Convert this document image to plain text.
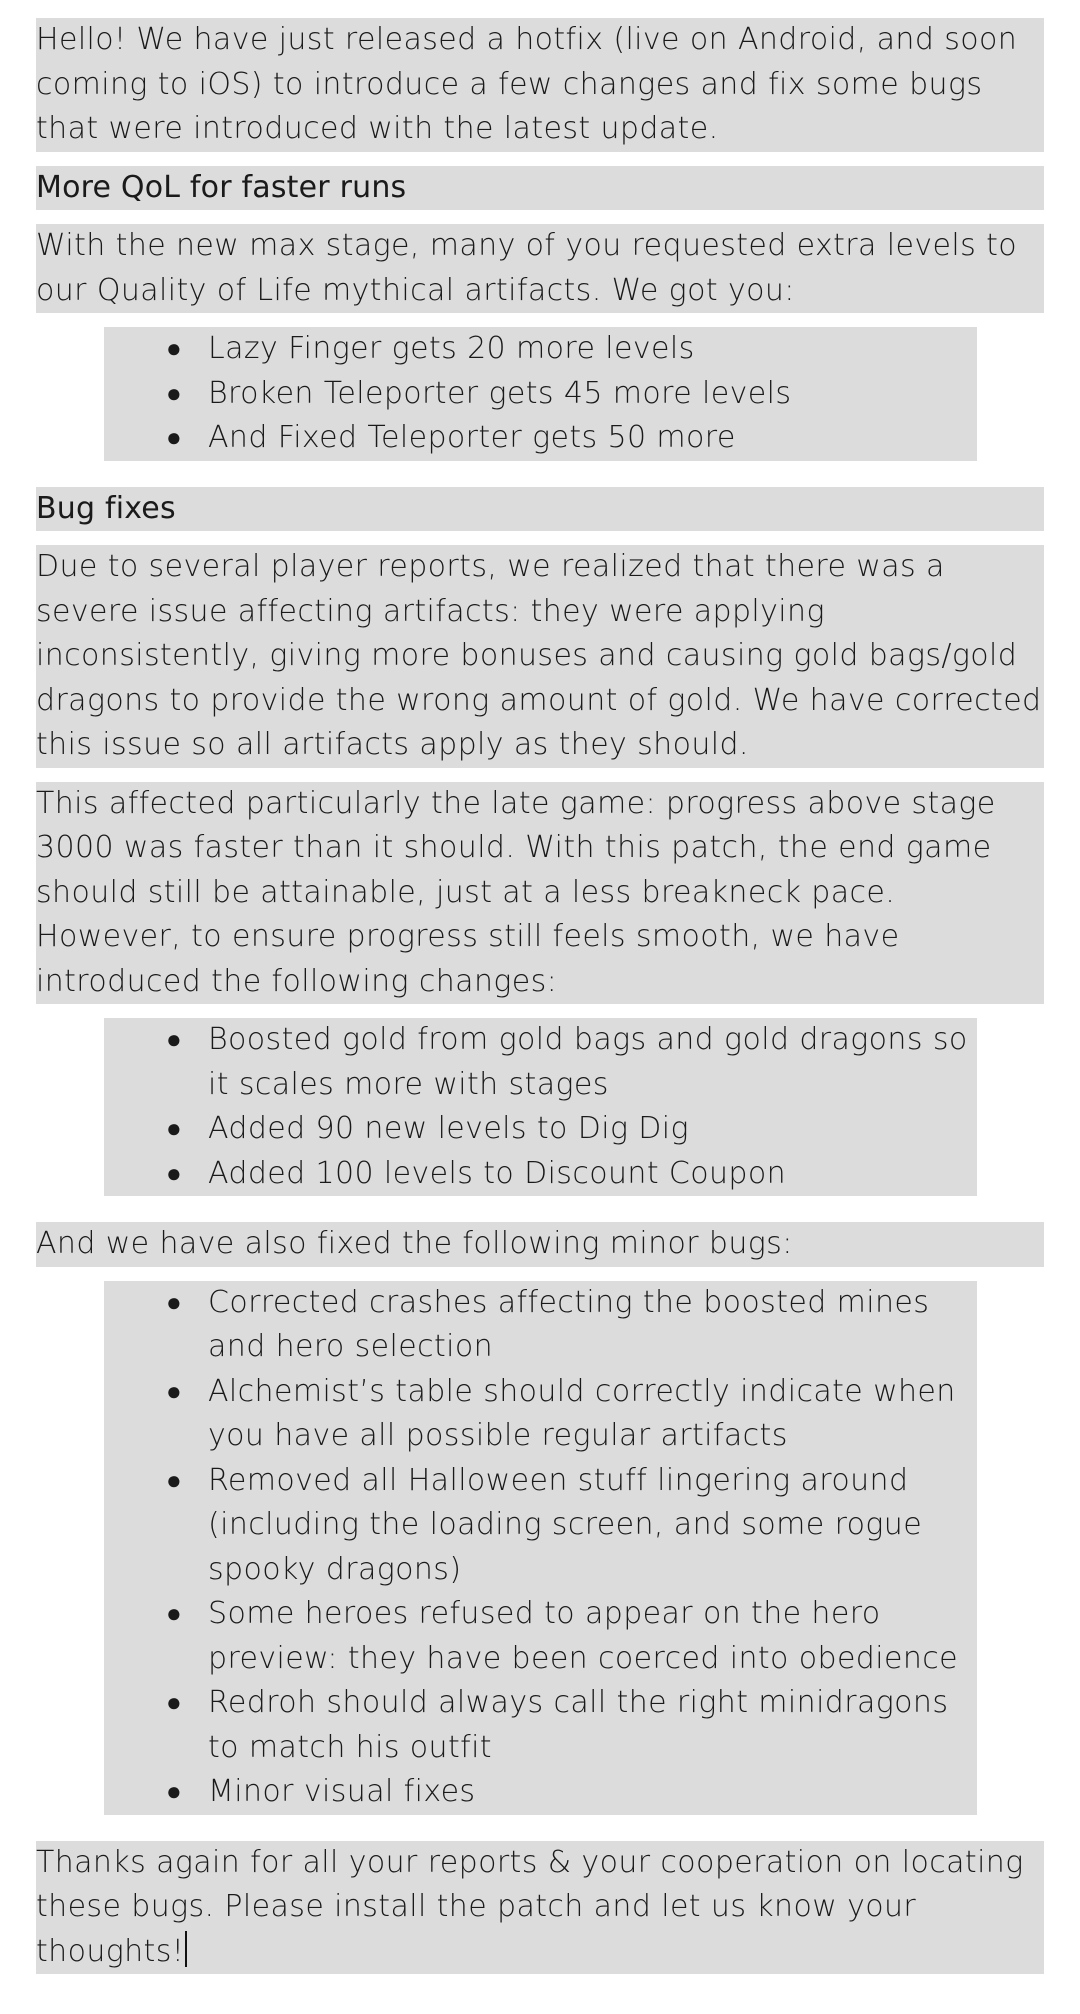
Hello! We have just released a hotfix (live on Android, and soon coming to iOS) to introduce a few changes and fix some bugs that were introduced with the latest update.
More QoL for faster runs
With the new max stage, many of you requested extra levels to our Quality of Life mythical artifacts. We got you:
● Lazy Finger gets 20 more levels
● Broken Teleporter gets 45 more levels
● And Fixed Teleporter gets 50 more
Bug fixes
Due to several player reports, we realized that there was a severe issue affecting artifacts: they were applying inconsistently, giving more bonuses and causing gold bags/gold dragons to provide the wrong amount of gold. We have corrected this issue so all artifacts apply as they should.
This affected particularly the late game: progress above stage 3000 was faster than it should. With this patch, the end game should still be attainable, just at a less breakneck pace. However, to ensure progress still feels smooth, we have introduced the following changes:
● Boosted gold from gold bags and gold dragons so it scales more with stages
● Added 90 new levels to Dig Dig
● Added 100 levels to Discount Coupon
And we have also fixed the following minor bugs:
● Corrected crashes affecting the boosted mines and hero selection
● Alchemist’s table should correctly indicate when you have all possible regular artifacts
● Removed all Halloween stuff lingering around (including the loading screen, and some rogue spooky dragons)
● Some heroes refused to appear on the hero preview: they have been coerced into obedience
● Redroh should always call the right minidragons to match his outfit
● Minor visual fixes
Thanks again for all your reports & your cooperation on locating these bugs. Please install the patch and let us know your thoughts!
